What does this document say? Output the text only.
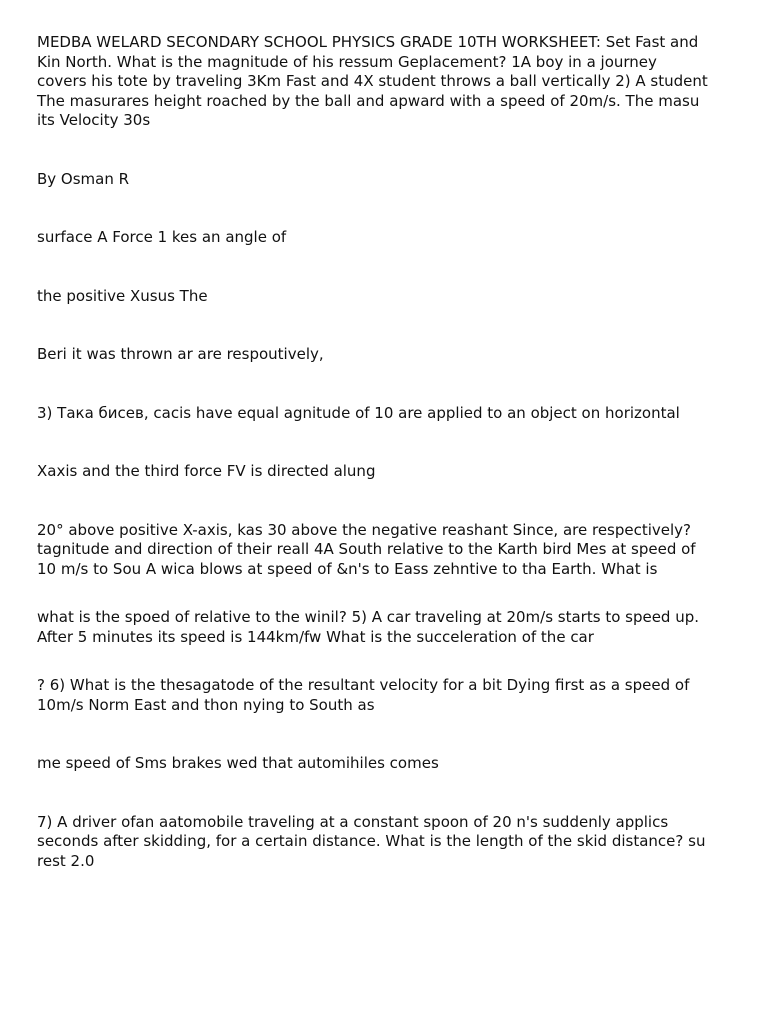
MEDBA WELARD SECONDARY SCHOOL PHYSICS GRADE 10TH WORKSHEET: Set Fast and
Kin North. What is the magnitude of his ressum Geplacement? 1A boy in a journey
covers his tote by traveling 3Km Fast and 4X student throws a ball vertically 2) A student
The masurares height roached by the ball and apward with a speed of 20m/s. The masu
its Velocity 30s

By Osman R

surface A Force 1 kes an angle of

the positive Xusus The

Beri it was thrown ar are respoutively,

3) Така бисев, cacis have equal agnitude of 10 are applied to an object on horizontal

Xaxis and the third force FV is directed alung

20° above positive X-axis, kas 30 above the negative reashant Since, are respectively?
tagnitude and direction of their reall 4A South relative to the Karth bird Mes at speed of
10 m/s to Sou A wica blows at speed of &n's to Eass zehntive to tha Earth. What is

what is the spoed of relative to the winil? 5) A car traveling at 20m/s starts to speed up.
After 5 minutes its speed is 144km/fw What is the succeleration of the car

? 6) What is the thesagatode of the resultant velocity for a bit Dying first as a speed of
10m/s Norm East and thon nying to South as

me speed of Sms brakes wed that automihiles comes

7) A driver ofan aatomobile traveling at a constant spoon of 20 n's suddenly applics
seconds after skidding, for a certain distance. What is the length of the skid distance? su
rest 2.0
